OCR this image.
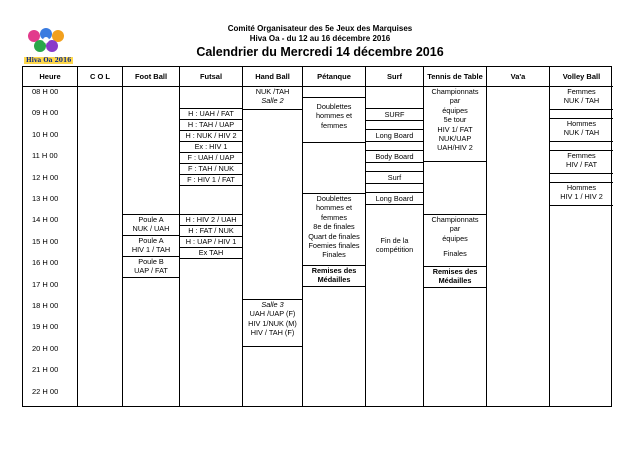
Hiva Oa 2016
Comité Organisateur des 5e Jeux des Marquises
Hiva Oa - du 12 au 16 décembre 2016
Calendrier du Mercredi 14 décembre 2016
Heure
08 H 00
09 H 00
10 H 00
11 H 00
12 H 00
13 H 00
14 H 00
15 H 00
16 H 00
17 H 00
18 H 00
19 H 00
20 H 00
21 H 00
22 H 00
C O L	Foot Ball
Poule A
NUK / UAH
Poule A
HIV 1 / TAH
Poule B
UAP / FAT
Futsal
H : UAH / FAT
H : TAH / UAP
H : NUK / HIV 2
Ex : HIV 1
F : UAH / UAP
F : TAH / NUK
F : HIV 1 / FAT
H : HIV 2 / UAH
H : FAT / NUK
H : UAP / HIV 1
Ex TAH
Hand Ball
NUK /TAH
Salle 2
Salle 3
UAH /UAP (F)
HIV 1/NUK (M)
HIV / TAH (F)
Pétanque
Doublettes
hommes et
femmes
Doublettes
hommes et
femmes
8e de finales
Quart de finales
Foemies finales
Finales
Remises des
Médailles
Surf
SURF
Long Board
Body Board
Surf
Long Board
Fin de la
compétition
Tennis de Table
Championnats
par
équipes
5e tour
HIV 1/ FAT
NUK/UAP
UAH/HIV 2
Championnats
par
équipes
Finales
Remises des
Médailles
Va'a	Volley Ball
Femmes
NUK / TAH
Hommes
NUK / TAH
Femmes
HIV / FAT
Hommes
HIV 1 / HIV 2
